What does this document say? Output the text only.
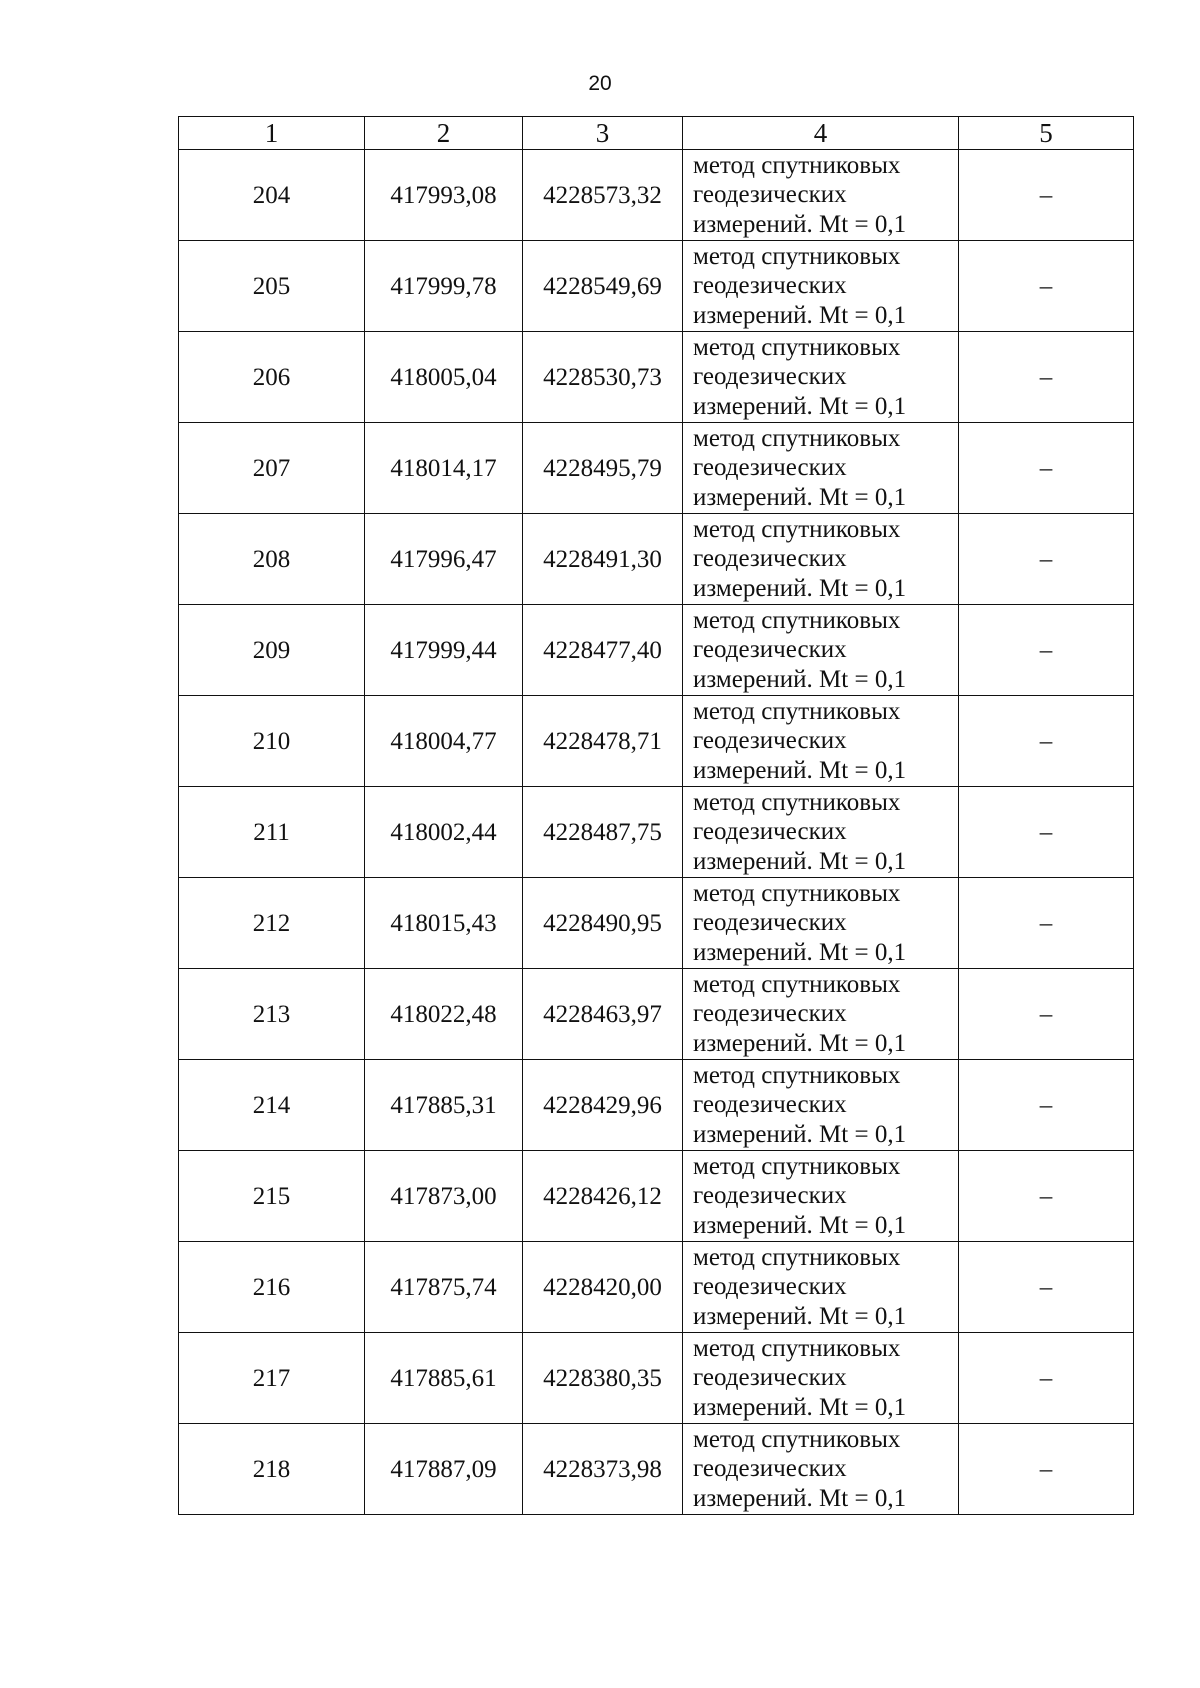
20
1	2	3	4	5
204	417993,08	4228573,32	метод спутниковых
геодезических
измерений. Mt = 0,1	–
205	417999,78	4228549,69	метод спутниковых
геодезических
измерений. Mt = 0,1	–
206	418005,04	4228530,73	метод спутниковых
геодезических
измерений. Mt = 0,1	–
207	418014,17	4228495,79	метод спутниковых
геодезических
измерений. Mt = 0,1	–
208	417996,47	4228491,30	метод спутниковых
геодезических
измерений. Mt = 0,1	–
209	417999,44	4228477,40	метод спутниковых
геодезических
измерений. Mt = 0,1	–
210	418004,77	4228478,71	метод спутниковых
геодезических
измерений. Mt = 0,1	–
211	418002,44	4228487,75	метод спутниковых
геодезических
измерений. Mt = 0,1	–
212	418015,43	4228490,95	метод спутниковых
геодезических
измерений. Mt = 0,1	–
213	418022,48	4228463,97	метод спутниковых
геодезических
измерений. Mt = 0,1	–
214	417885,31	4228429,96	метод спутниковых
геодезических
измерений. Mt = 0,1	–
215	417873,00	4228426,12	метод спутниковых
геодезических
измерений. Mt = 0,1	–
216	417875,74	4228420,00	метод спутниковых
геодезических
измерений. Mt = 0,1	–
217	417885,61	4228380,35	метод спутниковых
геодезических
измерений. Mt = 0,1	–
218	417887,09	4228373,98	метод спутниковых
геодезических
измерений. Mt = 0,1	–
